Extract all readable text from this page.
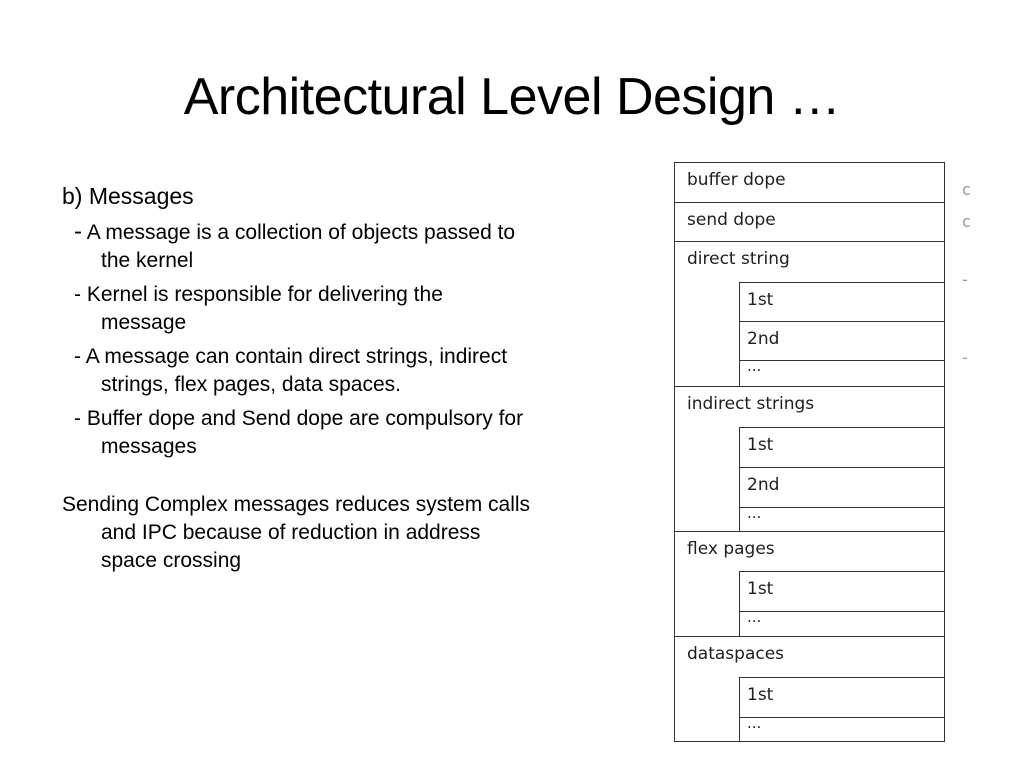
Architectural Level Design …
b) Messages
- A message is a collection of objects passed to the kernel
- Kernel is responsible for delivering the message
- A message can contain direct strings, indirect strings, flex pages, data spaces.
- Buffer dope and Send dope are compulsory for messages
Sending Complex messages reduces system calls and IPC because of reduction in address space crossing
buffer dope
send dope
direct string
1st
2nd
...
indirect strings
1st
2nd
...
flex pages
1st
...
dataspaces
1st
...
c
c
-
-
